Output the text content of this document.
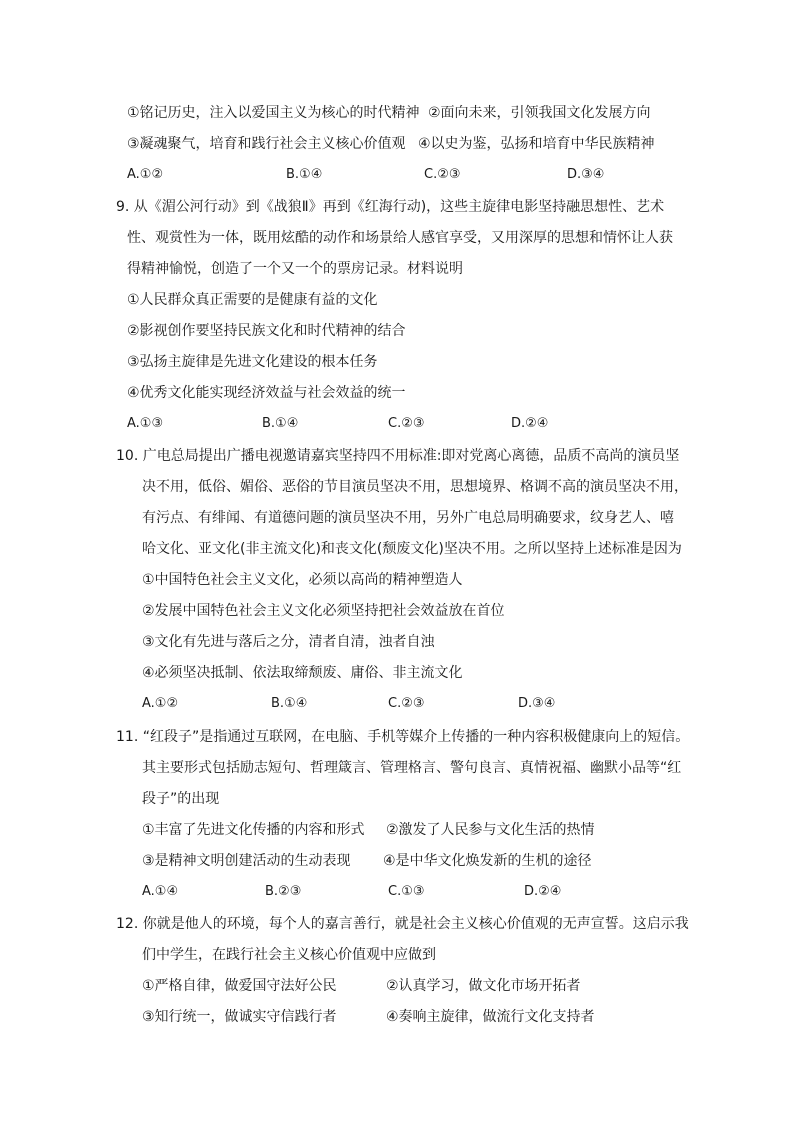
①铭记历史，注入以爱国主义为核心的时代精神 ②面向未来，引领我国文化发展方向
③凝魂聚气，培育和践行社会主义核心价值观 ④以史为鉴，弘扬和培育中华民族精神
A.①②	B.①④	C.②③	D.③④
9. 从《湄公河行动》到《战狼Ⅱ》再到《红海行动)，这些主旋律电影坚持融思想性、艺术
性、观赏性为一体，既用炫酷的动作和场景给人感官享受，又用深厚的思想和情怀让人获
得精神愉悦，创造了一个又一个的票房记录。材料说明
①人民群众真正需要的是健康有益的文化
②影视创作要坚持民族文化和时代精神的结合
③弘扬主旋律是先进文化建设的根本任务
④优秀文化能实现经济效益与社会效益的统一
A.①③	B.①④	C.②③	D.②④
10. 广电总局提出广播电视邀请嘉宾坚持四不用标准:即对党离心离德，品质不高尚的演员坚
决不用，低俗、媚俗、恶俗的节目演员坚决不用，思想境界、格调不高的演员坚决不用，
有污点、有绯闻、有道德问题的演员坚决不用，另外广电总局明确要求，纹身艺人、嘻
哈文化、亚文化(非主流文化)和丧文化(颓废文化)坚决不用。之所以坚持上述标准是因为
①中国特色社会主义文化，必须以高尚的精神塑造人
②发展中国特色社会主义文化必须坚持把社会效益放在首位
③文化有先进与落后之分，清者自清，浊者自浊
④必须坚决抵制、依法取缔颓废、庸俗、非主流文化
A.①②	B.①④	C.②③	D.③④
11. “红段子”是指通过互联网，在电脑、手机等媒介上传播的一种内容积极健康向上的短信。
其主要形式包括励志短句、哲理箴言、管理格言、警句良言、真情祝福、幽默小品等“红
段子”的出现
①丰富了先进文化传播的内容和形式 ②激发了人民参与文化生活的热情
③是精神文明创建活动的生动表现 ④是中华文化焕发新的生机的途径
A.①④	B.②③	C.①③	D.②④
12. 你就是他人的环境，每个人的嘉言善行，就是社会主义核心价值观的无声宣誓。这启示我
们中学生，在践行社会主义核心价值观中应做到
①严格自律，做爱国守法好公民	②认真学习，做文化市场开拓者
③知行统一，做诚实守信践行者	④奏响主旋律，做流行文化支持者
